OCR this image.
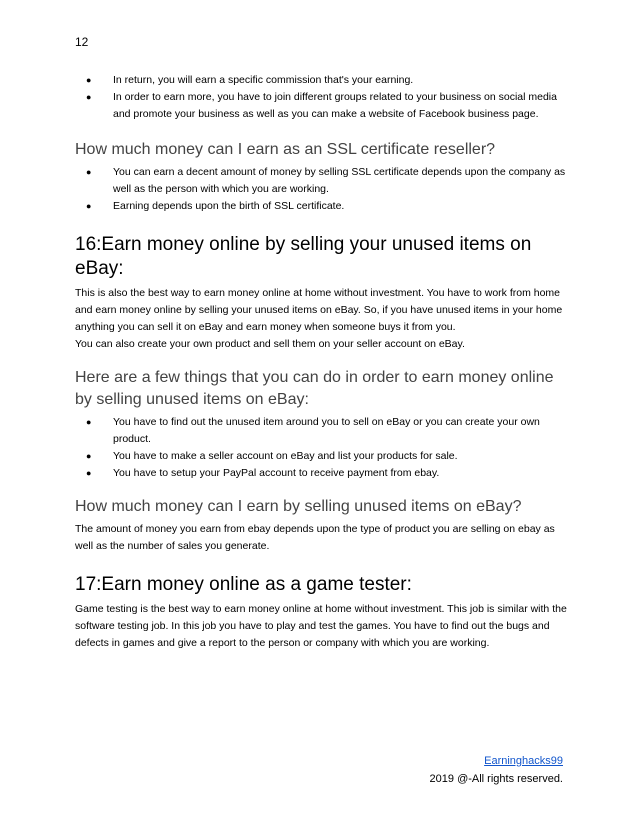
12
● In return, you will earn a specific commission that's your earning.
● In order to earn more, you have to join different groups related to your business on social media and promote your business as well as you can make a website of Facebook business page.
How much money can I earn as an SSL certificate reseller?
● You can earn a decent amount of money by selling SSL certificate depends upon the company as well as the person with which you are working.
● Earning depends upon the birth of SSL certificate.
16:Earn money online by selling your unused items on eBay:

This is also the best way to earn money online at home without investment. You have to work from home and earn money online by selling your unused items on eBay. So, if you have unused items in your home anything you can sell it on eBay and earn money when someone buys it from you.

You can also create your own product and sell them on your seller account on eBay.

Here are a few things that you can do in order to earn money online by selling unused items on eBay:
● You have to find out the unused item around you to sell on eBay or you can create your own product.
● You have to make a seller account on eBay and list your products for sale.
● You have to setup your PayPal account to receive payment from ebay.
How much money can I earn by selling unused items on eBay?

The amount of money you earn from ebay depends upon the type of product you are selling on ebay as well as the number of sales you generate.

17:Earn money online as a game tester:

Game testing is the best way to earn money online at home without investment. This job is similar with the software testing job. In this job you have to play and test the games. You have to find out the bugs and defects in games and give a report to the person or company with which you are working.

Earninghacks99
2019 @-All rights reserved.
